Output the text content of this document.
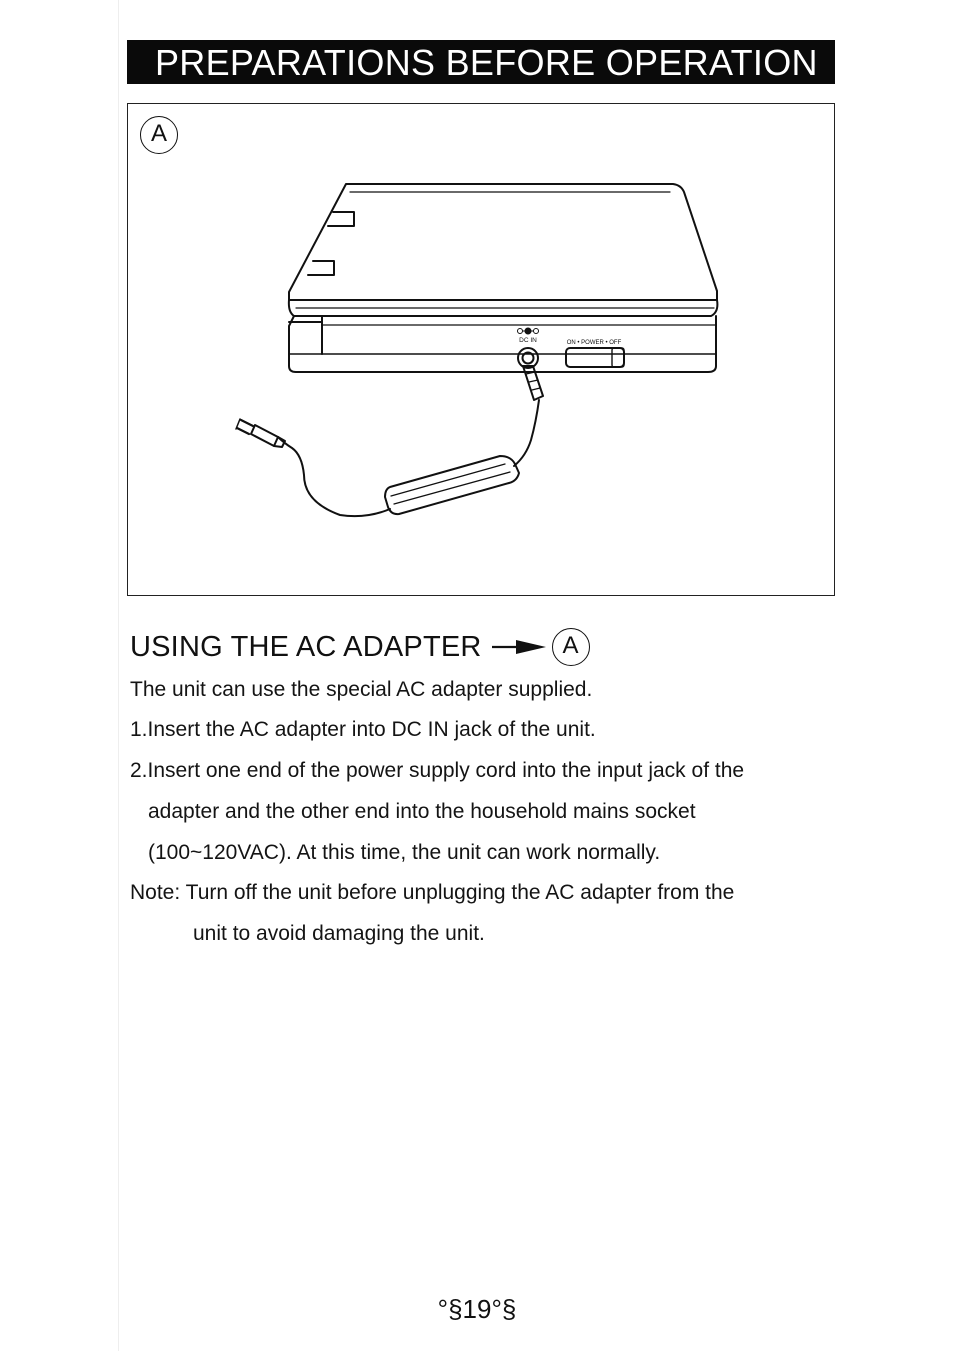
PREPARATIONS BEFORE OPERATION
A
DC IN	ON • POWER • OFF
USING THE AC ADAPTER	A
The unit can use the special AC adapter supplied.
1.Insert the AC adapter into DC IN jack of the unit.
2.Insert one end of the power supply cord into the input jack of the
adapter and the other end into the household mains socket
(100~120VAC). At this time, the unit can work normally.
Note: Turn off the unit before unplugging the AC adapter from the
unit to avoid damaging the unit.
°§19°§
